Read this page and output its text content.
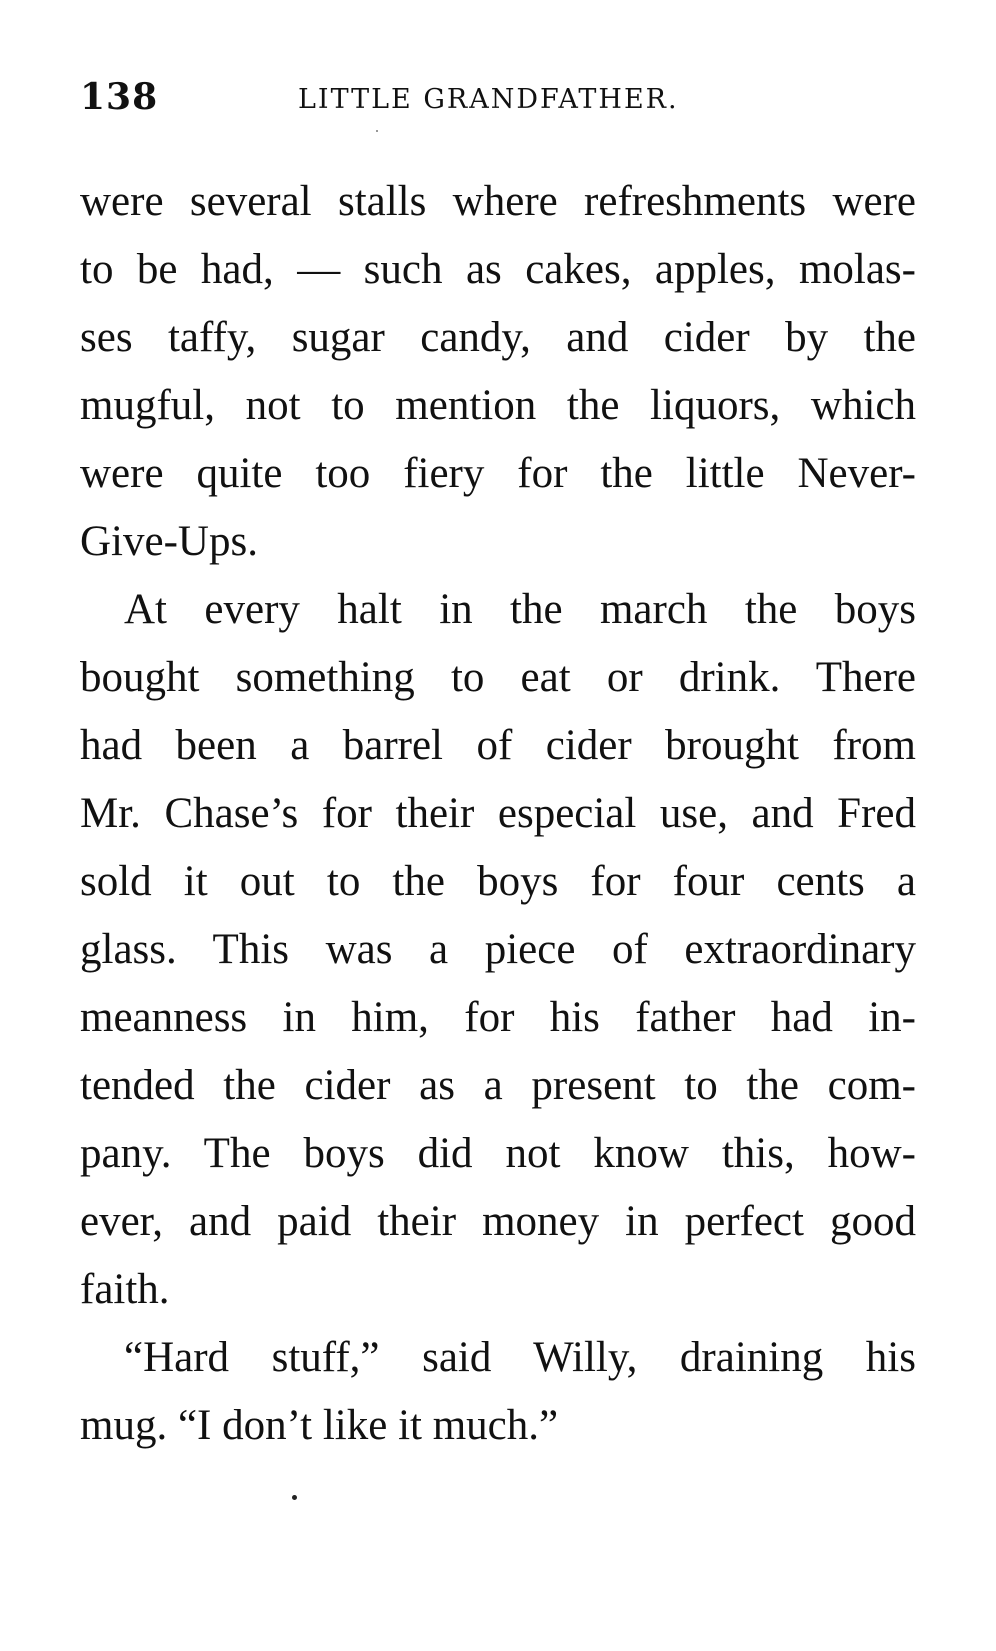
138	LITTLE GRANDFATHER.
were several stalls where refreshments were
to be had, — such as cakes, apples, molas-
ses taffy, sugar candy, and cider by the
mugful, not to mention the liquors, which
were quite too fiery for the little Never-
Give-Ups.
At every halt in the march the boys
bought something to eat or drink. There
had been a barrel of cider brought from
Mr. Chase’s for their especial use, and Fred
sold it out to the boys for four cents a
glass. This was a piece of extraordinary
meanness in him, for his father had in-
tended the cider as a present to the com-
pany. The boys did not know this, how-
ever, and paid their money in perfect good
faith.
“Hard stuff,” said Willy, draining his
mug. “I don’t like it much.”
